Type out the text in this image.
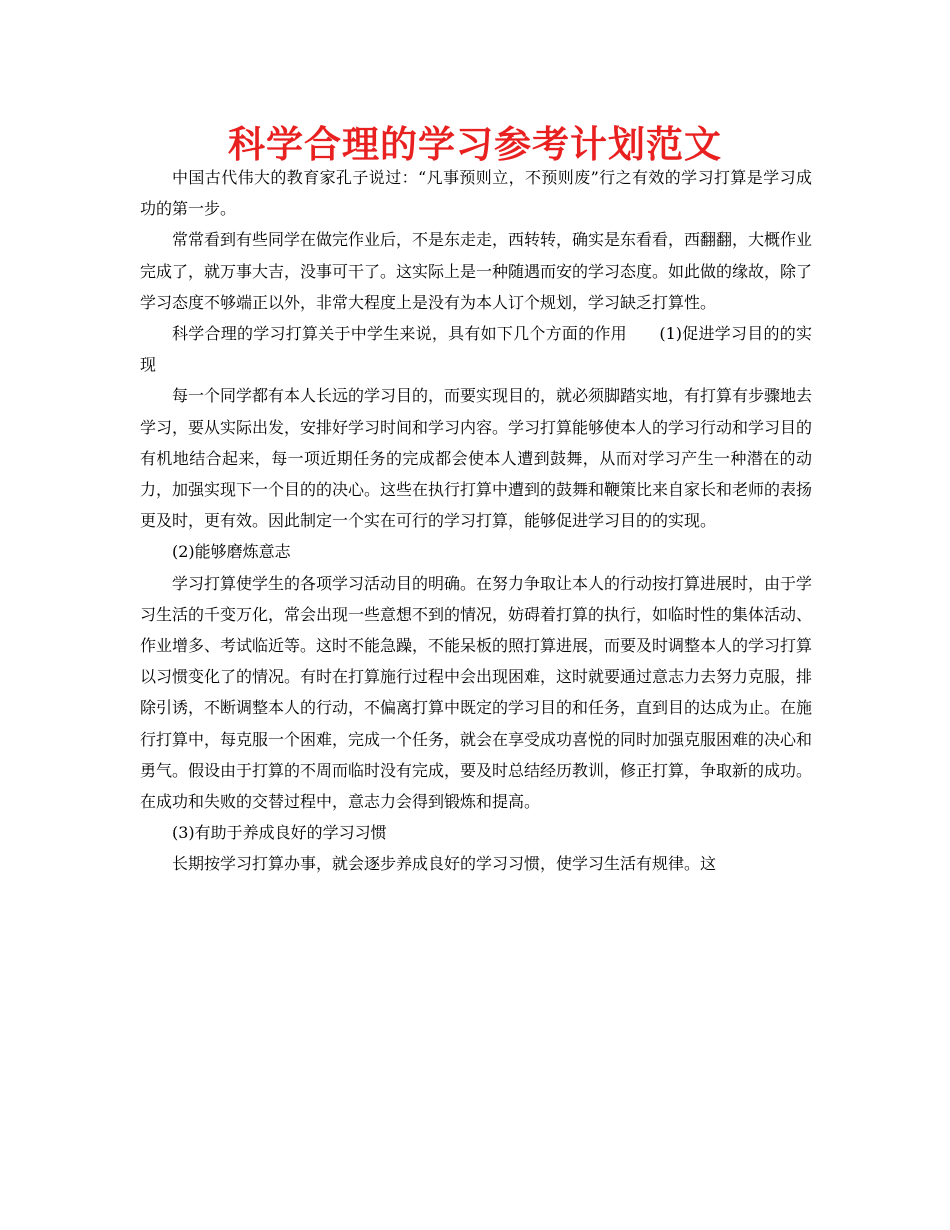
科学合理的学习参考计划范文

中国古代伟大的教育家孔子说过：“凡事预则立，不预则废”行之有效的学习打算是学习成功的第一步。

常常看到有些同学在做完作业后，不是东走走，西转转，确实是东看看，西翻翻，大概作业完成了，就万事大吉，没事可干了。这实际上是一种随遇而安的学习态度。如此做的缘故，除了学习态度不够端正以外，非常大程度上是没有为本人订个规划，学习缺乏打算性。

科学合理的学习打算关于中学生来说，具有如下几个方面的作用　　(1)促进学习目的的实现

每一个同学都有本人长远的学习目的，而要实现目的，就必须脚踏实地，有打算有步骤地去学习，要从实际出发，安排好学习时间和学习内容。学习打算能够使本人的学习行动和学习目的有机地结合起来，每一项近期任务的完成都会使本人遭到鼓舞，从而对学习产生一种潜在的动力，加强实现下一个目的的决心。这些在执行打算中遭到的鼓舞和鞭策比来自家长和老师的表扬更及时，更有效。因此制定一个实在可行的学习打算，能够促进学习目的的实现。

(2)能够磨炼意志

学习打算使学生的各项学习活动目的明确。在努力争取让本人的行动按打算进展时，由于学习生活的千变万化，常会出现一些意想不到的情况，妨碍着打算的执行，如临时性的集体活动、作业增多、考试临近等。这时不能急躁，不能呆板的照打算进展，而要及时调整本人的学习打算以习惯变化了的情况。有时在打算施行过程中会出现困难，这时就要通过意志力去努力克服，排除引诱，不断调整本人的行动，不偏离打算中既定的学习目的和任务，直到目的达成为止。在施行打算中，每克服一个困难，完成一个任务，就会在享受成功喜悦的同时加强克服困难的决心和勇气。假设由于打算的不周而临时没有完成，要及时总结经历教训，修正打算，争取新的成功。在成功和失败的交替过程中，意志力会得到锻炼和提高。

(3)有助于养成良好的学习习惯

长期按学习打算办事，就会逐步养成良好的学习习惯，使学习生活有规律。这
